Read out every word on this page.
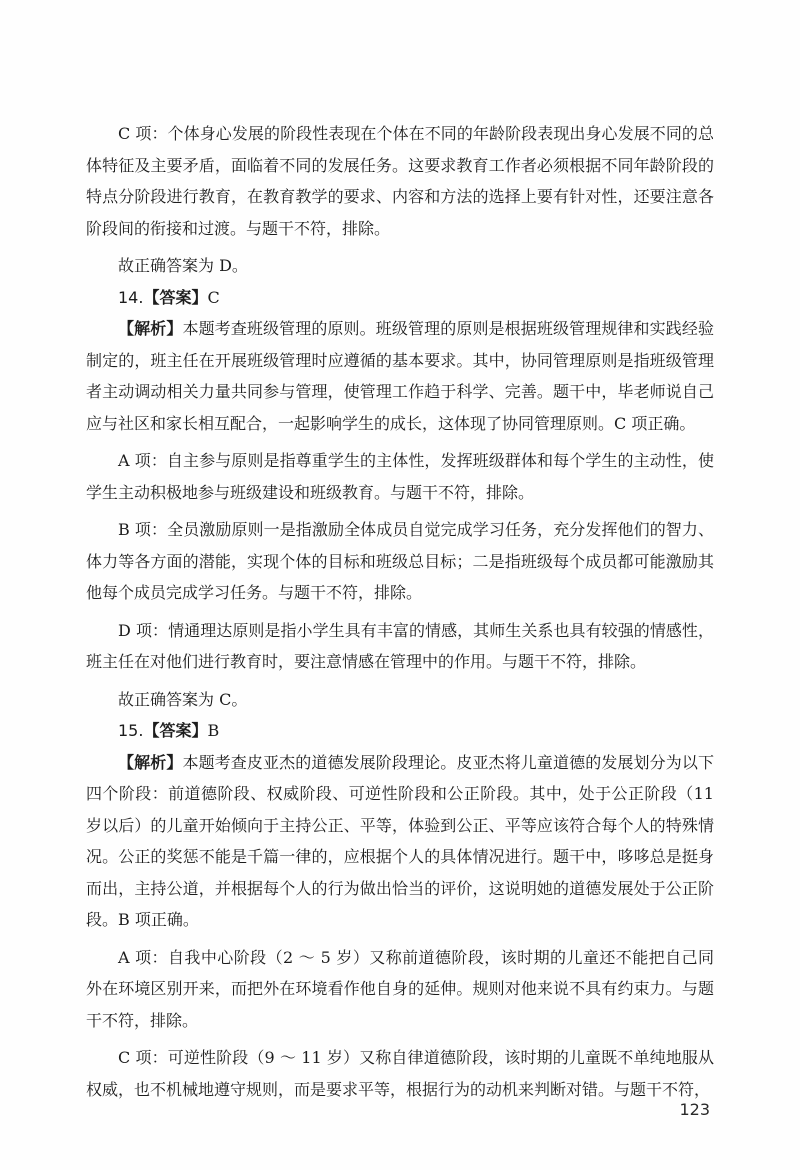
C 项：个体身心发展的阶段性表现在个体在不同的年龄阶段表现出身心发展不同的总体特征及主要矛盾，面临着不同的发展任务。这要求教育工作者必须根据不同年龄阶段的特点分阶段进行教育，在教育教学的要求、内容和方法的选择上要有针对性，还要注意各阶段间的衔接和过渡。与题干不符，排除。

故正确答案为 D。

14.【答案】C

【解析】本题考查班级管理的原则。班级管理的原则是根据班级管理规律和实践经验制定的，班主任在开展班级管理时应遵循的基本要求。其中，协同管理原则是指班级管理者主动调动相关力量共同参与管理，使管理工作趋于科学、完善。题干中，毕老师说自己应与社区和家长相互配合，一起影响学生的成长，这体现了协同管理原则。C 项正确。

A 项：自主参与原则是指尊重学生的主体性，发挥班级群体和每个学生的主动性，使学生主动积极地参与班级建设和班级教育。与题干不符，排除。

B 项：全员激励原则一是指激励全体成员自觉完成学习任务，充分发挥他们的智力、体力等各方面的潜能，实现个体的目标和班级总目标；二是指班级每个成员都可能激励其他每个成员完成学习任务。与题干不符，排除。

D 项：情通理达原则是指小学生具有丰富的情感，其师生关系也具有较强的情感性，班主任在对他们进行教育时，要注意情感在管理中的作用。与题干不符，排除。

故正确答案为 C。

15.【答案】B

【解析】本题考查皮亚杰的道德发展阶段理论。皮亚杰将儿童道德的发展划分为以下四个阶段：前道德阶段、权威阶段、可逆性阶段和公正阶段。其中，处于公正阶段（11 岁以后）的儿童开始倾向于主持公正、平等，体验到公正、平等应该符合每个人的特殊情况。公正的奖惩不能是千篇一律的，应根据个人的具体情况进行。题干中，哆哆总是挺身而出，主持公道，并根据每个人的行为做出恰当的评价，这说明她的道德发展处于公正阶段。B 项正确。

A 项：自我中心阶段（2 ～ 5 岁）又称前道德阶段，该时期的儿童还不能把自己同外在环境区别开来，而把外在环境看作他自身的延伸。规则对他来说不具有约束力。与题干不符，排除。

C 项：可逆性阶段（9 ～ 11 岁）又称自律道德阶段，该时期的儿童既不单纯地服从权威，也不机械地遵守规则，而是要求平等，根据行为的动机来判断对错。与题干不符，

123
